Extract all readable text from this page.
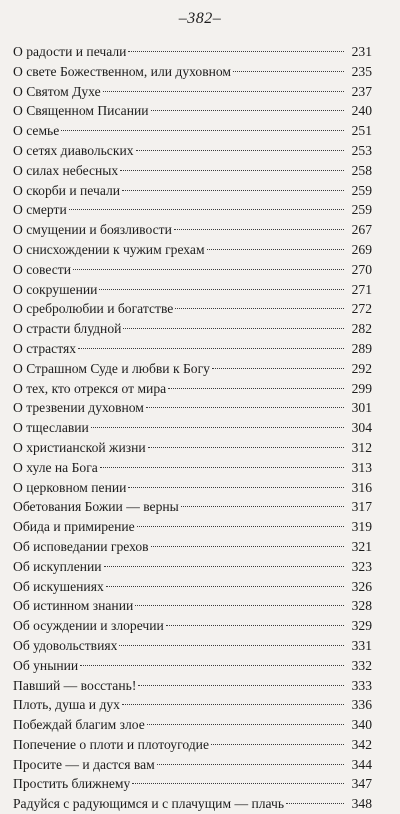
–382–
О радости и печали	231
О свете Божественном, или духовном	235
О Святом Духе	237
О Священном Писании	240
О семье	251
О сетях диавольских	253
О силах небесных	258
О скорби и печали	259
О смерти	259
О смущении и боязливости	267
О снисхождении к чужим грехам	269
О совести	270
О сокрушении	271
О сребролюбии и богатстве	272
О страсти блудной	282
О страстях	289
О Страшном Суде и любви к Богу	292
О тех, кто отрекся от мира	299
О трезвении духовном	301
О тщеславии	304
О христианской жизни	312
О хуле на Бога	313
О церковном пении	316
Обетования Божии — верны	317
Обида и примирение	319
Об исповедании грехов	321
Об искуплении	323
Об искушениях	326
Об истинном знании	328
Об осуждении и злоречии	329
Об удовольствиях	331
Об унынии	332
Павший — восстань!	333
Плоть, душа и дух	336
Побеждай благим злое	340
Попечение о плоти и плотоугодие	342
Просите — и дастся вам	344
Простить ближнему	347
Радуйся с радующимся и с плачущим — плачь	348
